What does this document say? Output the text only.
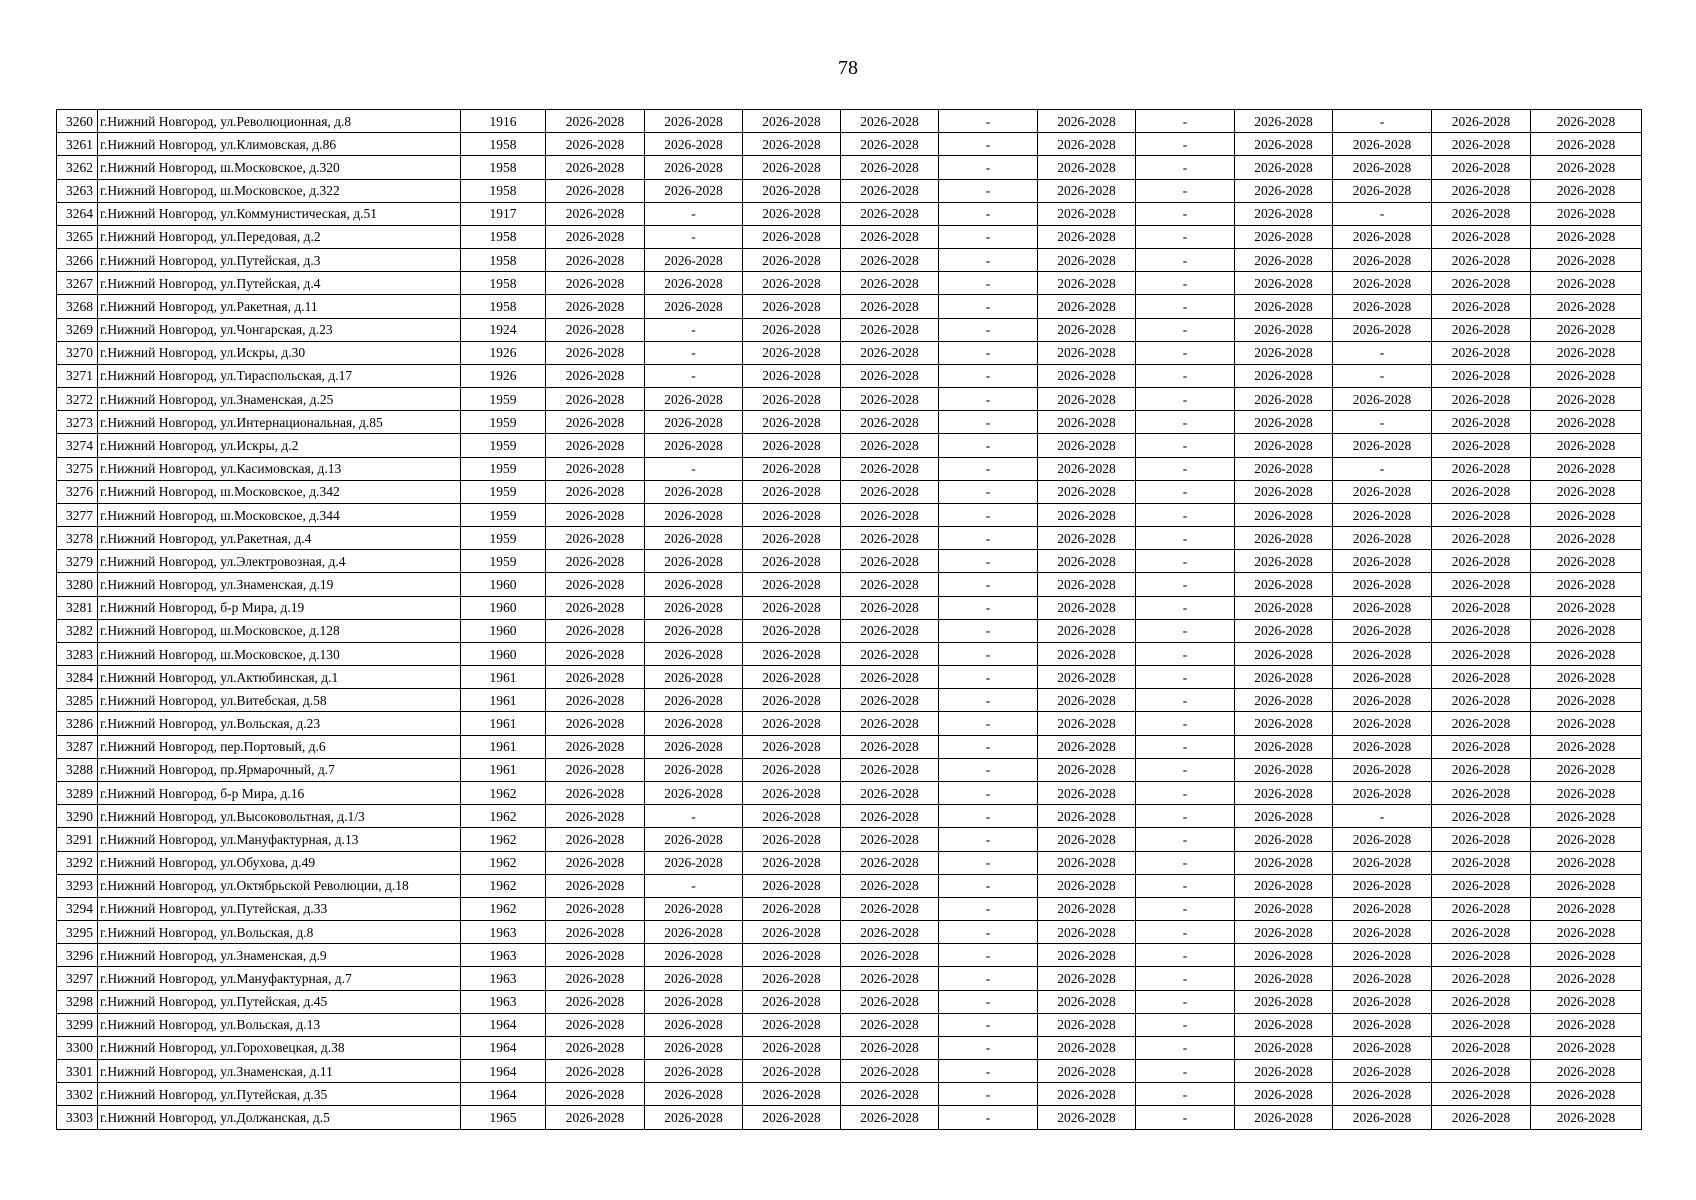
78
3260	г.Нижний Новгород, ул.Революционная, д.8	1916	2026-2028	2026-2028	2026-2028	2026-2028	-	2026-2028	-	2026-2028	-	2026-2028	2026-2028
3261	г.Нижний Новгород, ул.Климовская, д.86	1958	2026-2028	2026-2028	2026-2028	2026-2028	-	2026-2028	-	2026-2028	2026-2028	2026-2028	2026-2028
3262	г.Нижний Новгород, ш.Московское, д.320	1958	2026-2028	2026-2028	2026-2028	2026-2028	-	2026-2028	-	2026-2028	2026-2028	2026-2028	2026-2028
3263	г.Нижний Новгород, ш.Московское, д.322	1958	2026-2028	2026-2028	2026-2028	2026-2028	-	2026-2028	-	2026-2028	2026-2028	2026-2028	2026-2028
3264	г.Нижний Новгород, ул.Коммунистическая, д.51	1917	2026-2028	-	2026-2028	2026-2028	-	2026-2028	-	2026-2028	-	2026-2028	2026-2028
3265	г.Нижний Новгород, ул.Передовая, д.2	1958	2026-2028	-	2026-2028	2026-2028	-	2026-2028	-	2026-2028	2026-2028	2026-2028	2026-2028
3266	г.Нижний Новгород, ул.Путейская, д.3	1958	2026-2028	2026-2028	2026-2028	2026-2028	-	2026-2028	-	2026-2028	2026-2028	2026-2028	2026-2028
3267	г.Нижний Новгород, ул.Путейская, д.4	1958	2026-2028	2026-2028	2026-2028	2026-2028	-	2026-2028	-	2026-2028	2026-2028	2026-2028	2026-2028
3268	г.Нижний Новгород, ул.Ракетная, д.11	1958	2026-2028	2026-2028	2026-2028	2026-2028	-	2026-2028	-	2026-2028	2026-2028	2026-2028	2026-2028
3269	г.Нижний Новгород, ул.Чонгарская, д.23	1924	2026-2028	-	2026-2028	2026-2028	-	2026-2028	-	2026-2028	2026-2028	2026-2028	2026-2028
3270	г.Нижний Новгород, ул.Искры, д.30	1926	2026-2028	-	2026-2028	2026-2028	-	2026-2028	-	2026-2028	-	2026-2028	2026-2028
3271	г.Нижний Новгород, ул.Тираспольская, д.17	1926	2026-2028	-	2026-2028	2026-2028	-	2026-2028	-	2026-2028	-	2026-2028	2026-2028
3272	г.Нижний Новгород, ул.Знаменская, д.25	1959	2026-2028	2026-2028	2026-2028	2026-2028	-	2026-2028	-	2026-2028	2026-2028	2026-2028	2026-2028
3273	г.Нижний Новгород, ул.Интернациональная, д.85	1959	2026-2028	2026-2028	2026-2028	2026-2028	-	2026-2028	-	2026-2028	-	2026-2028	2026-2028
3274	г.Нижний Новгород, ул.Искры, д.2	1959	2026-2028	2026-2028	2026-2028	2026-2028	-	2026-2028	-	2026-2028	2026-2028	2026-2028	2026-2028
3275	г.Нижний Новгород, ул.Касимовская, д.13	1959	2026-2028	-	2026-2028	2026-2028	-	2026-2028	-	2026-2028	-	2026-2028	2026-2028
3276	г.Нижний Новгород, ш.Московское, д.342	1959	2026-2028	2026-2028	2026-2028	2026-2028	-	2026-2028	-	2026-2028	2026-2028	2026-2028	2026-2028
3277	г.Нижний Новгород, ш.Московское, д.344	1959	2026-2028	2026-2028	2026-2028	2026-2028	-	2026-2028	-	2026-2028	2026-2028	2026-2028	2026-2028
3278	г.Нижний Новгород, ул.Ракетная, д.4	1959	2026-2028	2026-2028	2026-2028	2026-2028	-	2026-2028	-	2026-2028	2026-2028	2026-2028	2026-2028
3279	г.Нижний Новгород, ул.Электровозная, д.4	1959	2026-2028	2026-2028	2026-2028	2026-2028	-	2026-2028	-	2026-2028	2026-2028	2026-2028	2026-2028
3280	г.Нижний Новгород, ул.Знаменская, д.19	1960	2026-2028	2026-2028	2026-2028	2026-2028	-	2026-2028	-	2026-2028	2026-2028	2026-2028	2026-2028
3281	г.Нижний Новгород, б-р Мира, д.19	1960	2026-2028	2026-2028	2026-2028	2026-2028	-	2026-2028	-	2026-2028	2026-2028	2026-2028	2026-2028
3282	г.Нижний Новгород, ш.Московское, д.128	1960	2026-2028	2026-2028	2026-2028	2026-2028	-	2026-2028	-	2026-2028	2026-2028	2026-2028	2026-2028
3283	г.Нижний Новгород, ш.Московское, д.130	1960	2026-2028	2026-2028	2026-2028	2026-2028	-	2026-2028	-	2026-2028	2026-2028	2026-2028	2026-2028
3284	г.Нижний Новгород, ул.Актюбинская, д.1	1961	2026-2028	2026-2028	2026-2028	2026-2028	-	2026-2028	-	2026-2028	2026-2028	2026-2028	2026-2028
3285	г.Нижний Новгород, ул.Витебская, д.58	1961	2026-2028	2026-2028	2026-2028	2026-2028	-	2026-2028	-	2026-2028	2026-2028	2026-2028	2026-2028
3286	г.Нижний Новгород, ул.Вольская, д.23	1961	2026-2028	2026-2028	2026-2028	2026-2028	-	2026-2028	-	2026-2028	2026-2028	2026-2028	2026-2028
3287	г.Нижний Новгород, пер.Портовый, д.6	1961	2026-2028	2026-2028	2026-2028	2026-2028	-	2026-2028	-	2026-2028	2026-2028	2026-2028	2026-2028
3288	г.Нижний Новгород, пр.Ярмарочный, д.7	1961	2026-2028	2026-2028	2026-2028	2026-2028	-	2026-2028	-	2026-2028	2026-2028	2026-2028	2026-2028
3289	г.Нижний Новгород, б-р Мира, д.16	1962	2026-2028	2026-2028	2026-2028	2026-2028	-	2026-2028	-	2026-2028	2026-2028	2026-2028	2026-2028
3290	г.Нижний Новгород, ул.Высоковольтная, д.1/3	1962	2026-2028	-	2026-2028	2026-2028	-	2026-2028	-	2026-2028	-	2026-2028	2026-2028
3291	г.Нижний Новгород, ул.Мануфактурная, д.13	1962	2026-2028	2026-2028	2026-2028	2026-2028	-	2026-2028	-	2026-2028	2026-2028	2026-2028	2026-2028
3292	г.Нижний Новгород, ул.Обухова, д.49	1962	2026-2028	2026-2028	2026-2028	2026-2028	-	2026-2028	-	2026-2028	2026-2028	2026-2028	2026-2028
3293	г.Нижний Новгород, ул.Октябрьской Революции, д.18	1962	2026-2028	-	2026-2028	2026-2028	-	2026-2028	-	2026-2028	2026-2028	2026-2028	2026-2028
3294	г.Нижний Новгород, ул.Путейская, д.33	1962	2026-2028	2026-2028	2026-2028	2026-2028	-	2026-2028	-	2026-2028	2026-2028	2026-2028	2026-2028
3295	г.Нижний Новгород, ул.Вольская, д.8	1963	2026-2028	2026-2028	2026-2028	2026-2028	-	2026-2028	-	2026-2028	2026-2028	2026-2028	2026-2028
3296	г.Нижний Новгород, ул.Знаменская, д.9	1963	2026-2028	2026-2028	2026-2028	2026-2028	-	2026-2028	-	2026-2028	2026-2028	2026-2028	2026-2028
3297	г.Нижний Новгород, ул.Мануфактурная, д.7	1963	2026-2028	2026-2028	2026-2028	2026-2028	-	2026-2028	-	2026-2028	2026-2028	2026-2028	2026-2028
3298	г.Нижний Новгород, ул.Путейская, д.45	1963	2026-2028	2026-2028	2026-2028	2026-2028	-	2026-2028	-	2026-2028	2026-2028	2026-2028	2026-2028
3299	г.Нижний Новгород, ул.Вольская, д.13	1964	2026-2028	2026-2028	2026-2028	2026-2028	-	2026-2028	-	2026-2028	2026-2028	2026-2028	2026-2028
3300	г.Нижний Новгород, ул.Гороховецкая, д.38	1964	2026-2028	2026-2028	2026-2028	2026-2028	-	2026-2028	-	2026-2028	2026-2028	2026-2028	2026-2028
3301	г.Нижний Новгород, ул.Знаменская, д.11	1964	2026-2028	2026-2028	2026-2028	2026-2028	-	2026-2028	-	2026-2028	2026-2028	2026-2028	2026-2028
3302	г.Нижний Новгород, ул.Путейская, д.35	1964	2026-2028	2026-2028	2026-2028	2026-2028	-	2026-2028	-	2026-2028	2026-2028	2026-2028	2026-2028
3303	г.Нижний Новгород, ул.Должанская, д.5	1965	2026-2028	2026-2028	2026-2028	2026-2028	-	2026-2028	-	2026-2028	2026-2028	2026-2028	2026-2028
